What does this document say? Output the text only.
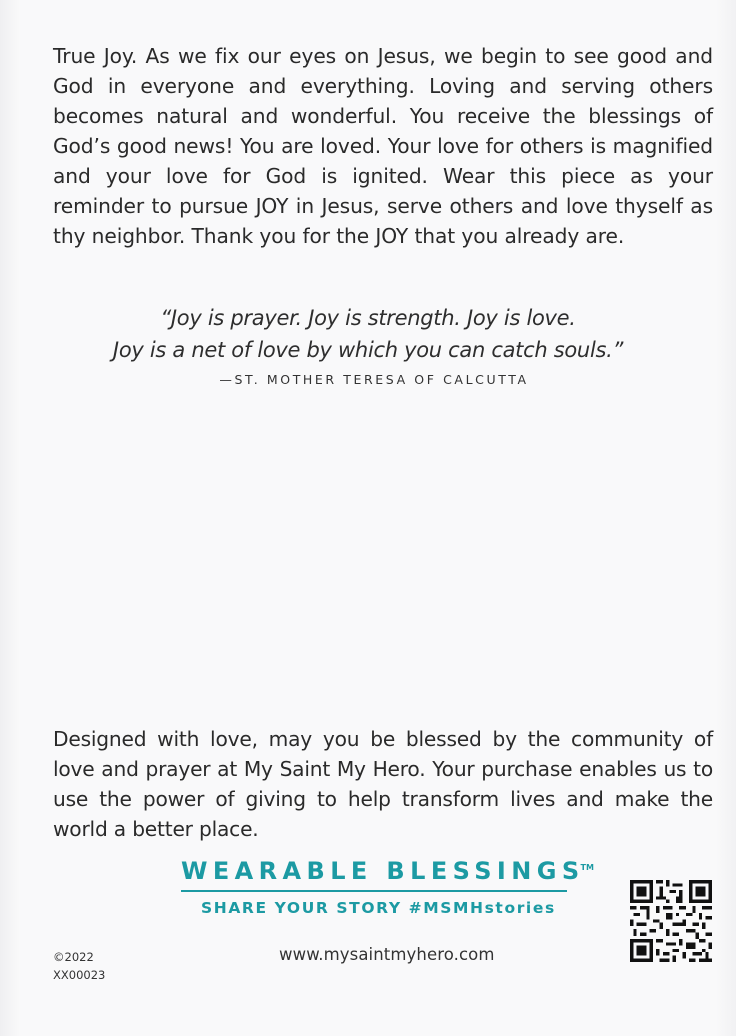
True Joy. As we fix our eyes on Jesus, we begin to see good and God in everyone and everything. Loving and serving others becomes natural and wonderful. You receive the blessings of God’s good news! You are loved. Your love for others is magnified and your love for God is ignited. Wear this piece as your reminder to pursue JOY in Jesus, serve others and love thyself as thy neighbor. Thank you for the JOY that you already are.

“Joy is prayer. Joy is strength. Joy is love.
Joy is a net of love by which you can catch souls.”
—ST. MOTHER TERESA OF CALCUTTA

Designed with love, may you be blessed by the community of love and prayer at My Saint My Hero. Your purchase enables us to use the power of giving to help transform lives and make the world a better place.

WEARABLE BLESSINGS™
SHARE YOUR STORY #MSMHstories
©2022
XX00023
www.mysaintmyhero.com
